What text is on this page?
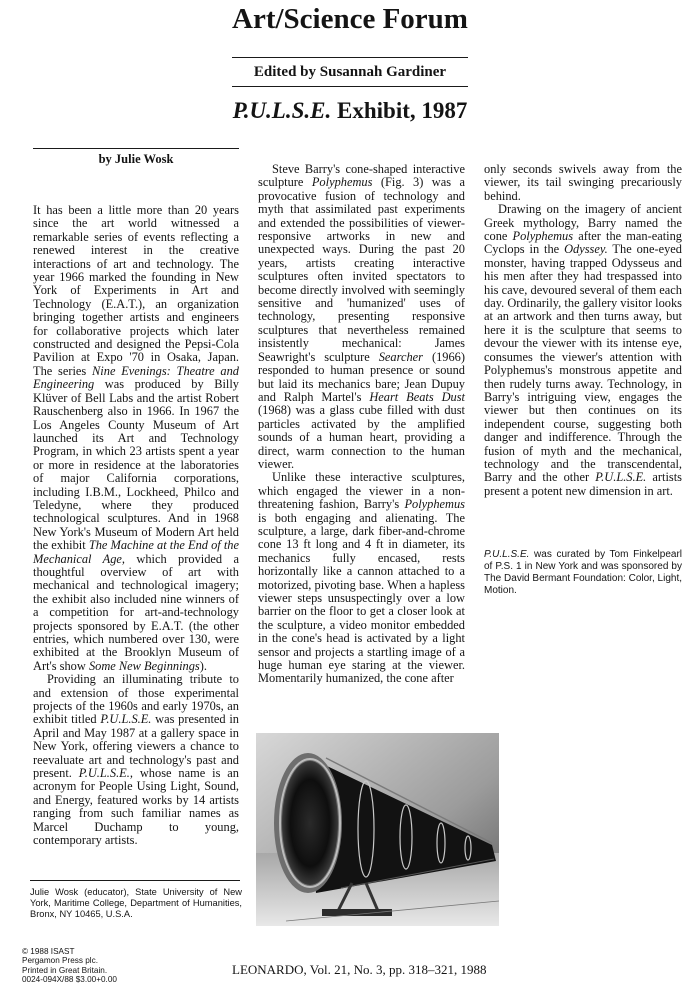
Art/Science Forum
Edited by Susannah Gardiner
P.U.L.S.E. Exhibit, 1987
by Julie Wosk

It has been a little more than 20 years since the art world witnessed a remarkable series of events reflecting a renewed interest in the creative interactions of art and technology. The year 1966 marked the founding in New York of Experiments in Art and Technology (E.A.T.), an organization bringing together artists and engineers for collaborative projects which later constructed and designed the Pepsi-Cola Pavilion at Expo '70 in Osaka, Japan. The series Nine Evenings: Theatre and Engineering was produced by Billy Klüver of Bell Labs and the artist Robert Rauschenberg also in 1966. In 1967 the Los Angeles County Museum of Art launched its Art and Technology Program, in which 23 artists spent a year or more in residence at the laboratories of major California corporations, including I.B.M., Lockheed, Philco and Teledyne, where they produced technological sculptures. And in 1968 New York's Museum of Modern Art held the exhibit The Machine at the End of the Mechanical Age, which provided a thoughtful overview of art with mechanical and technological imagery; the exhibit also included nine winners of a competition for art-and-technology projects sponsored by E.A.T. (the other entries, which numbered over 130, were exhibited at the Brooklyn Museum of Art's show Some New Beginnings).

Providing an illuminating tribute to and extension of those experimental projects of the 1960s and early 1970s, an exhibit titled P.U.L.S.E. was presented in April and May 1987 at a gallery space in New York, offering viewers a chance to reevaluate art and technology's past and present. P.U.L.S.E., whose name is an acronym for People Using Light, Sound, and Energy, featured works by 14 artists ranging from such familiar names as Marcel Duchamp to young, contemporary artists.

Julie Wosk (educator), State University of New York, Maritime College, Department of Humanities, Bronx, NY 10465, U.S.A.

Steve Barry's cone-shaped interactive sculpture Polyphemus (Fig. 3) was a provocative fusion of technology and myth that assimilated past experiments and extended the possibilities of viewer-responsive artworks in new and unexpected ways. During the past 20 years, artists creating interactive sculptures often invited spectators to become directly involved with seemingly sensitive and 'humanized' uses of technology, presenting responsive sculptures that nevertheless remained insistently mechanical: James Seawright's sculpture Searcher (1966) responded to human presence or sound but laid its mechanics bare; Jean Dupuy and Ralph Martel's Heart Beats Dust (1968) was a glass cube filled with dust particles activated by the amplified sounds of a human heart, providing a direct, warm connection to the human viewer.

Unlike these interactive sculptures, which engaged the viewer in a non-threatening fashion, Barry's Polyphemus is both engaging and alienating. The sculpture, a large, dark fiber-and-chrome cone 13 ft long and 4 ft in diameter, its mechanics fully encased, rests horizontally like a cannon attached to a motorized, pivoting base. When a hapless viewer steps unsuspectingly over a low barrier on the floor to get a closer look at the sculpture, a video monitor embedded in the cone's head is activated by a light sensor and projects a startling image of a huge human eye staring at the viewer. Momentarily humanized, the cone after

only seconds swivels away from the viewer, its tail swinging precariously behind.

Drawing on the imagery of ancient Greek mythology, Barry named the cone Polyphemus after the man-eating Cyclops in the Odyssey. The one-eyed monster, having trapped Odysseus and his men after they had trespassed into his cave, devoured several of them each day. Ordinarily, the gallery visitor looks at an artwork and then turns away, but here it is the sculpture that seems to devour the viewer with its intense eye, consumes the viewer's attention with Polyphemus's monstrous appetite and then rudely turns away. Technology, in Barry's intriguing view, engages the viewer but then continues on its independent course, suggesting both danger and indifference. Through the fusion of myth and the mechanical, technology and the transcendental, Barry and the other P.U.L.S.E. artists present a potent new dimension in art.

P.U.L.S.E. was curated by Tom Finkelpearl of P.S. 1 in New York and was sponsored by The David Bermant Foundation: Color, Light, Motion.
© 1988 ISAST
Pergamon Press plc.
Printed in Great Britain.
0024-094X/88 $3.00+0.00
LEONARDO, Vol. 21, No. 3, pp. 318–321, 1988
